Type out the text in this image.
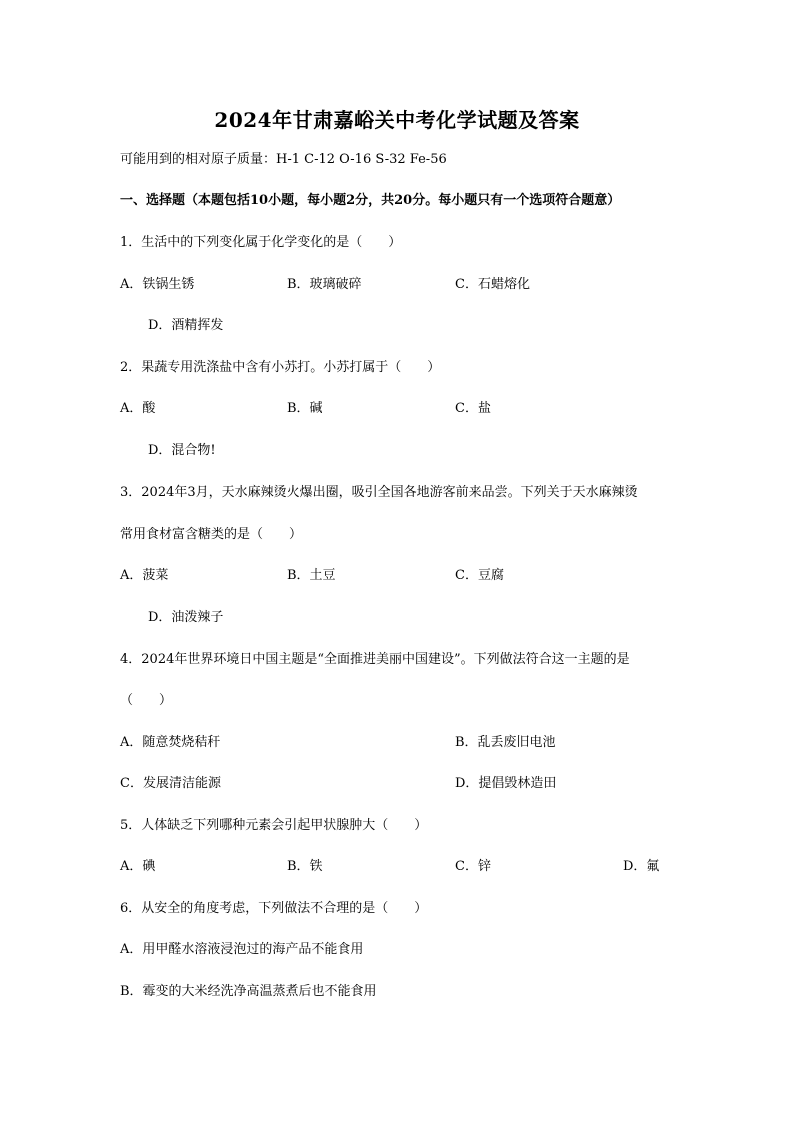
2024年甘肃嘉峪关中考化学试题及答案
可能用到的相对原子质量：H-1 C-12 O-16 S-32 Fe-56
一、选择题（本题包括10小题，每小题2分，共20分。每小题只有一个选项符合题意）
1．生活中的下列变化属于化学变化的是（　　）
A．铁锅生锈	B．玻璃破碎	C．石蜡熔化
D．酒精挥发
2．果蔬专用洗涤盐中含有小苏打。小苏打属于（　　）
A．酸	B．碱	C．盐
D．混合物!
3．2024年3月，天水麻辣烫火爆出圈，吸引全国各地游客前来品尝。下列关于天水麻辣烫
常用食材富含糖类的是（　　）
A．菠菜	B．土豆	C．豆腐
D．油泼辣子
4．2024年世界环境日中国主题是“全面推进美丽中国建设”。下列做法符合这一主题的是
（　　）
A．随意焚烧秸秆	B．乱丢废旧电池
C．发展清洁能源	D．提倡毁林造田
5．人体缺乏下列哪种元素会引起甲状腺肿大（　　）
A．碘	B．铁	C．锌	D．氟
6．从安全的角度考虑，下列做法不合理的是（　　）
A．用甲醛水溶液浸泡过的海产品不能食用
B．霉变的大米经洗净高温蒸煮后也不能食用
